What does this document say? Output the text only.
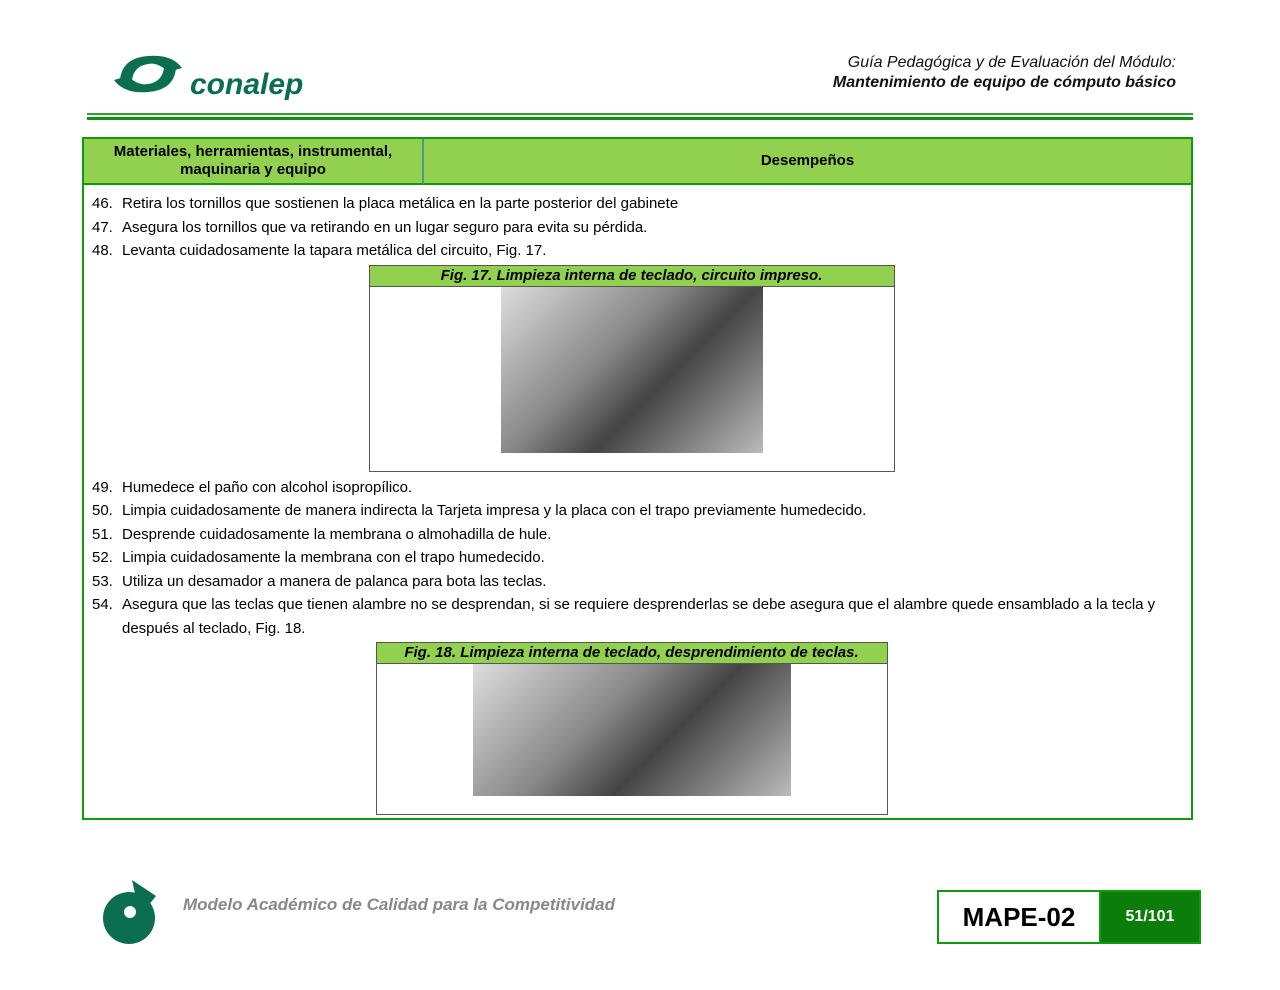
conalep
Guía Pedagógica y de Evaluación del Módulo:
Mantenimiento de equipo de cómputo básico
Materiales, herramientas, instrumental, maquinaria y equipo
Desempeños
46. Retira los tornillos que sostienen la placa metálica en la parte posterior del gabinete
47. Asegura los tornillos que va retirando en un lugar seguro para evita su pérdida.
48. Levanta cuidadosamente la tapara metálica del circuito, Fig. 17.
Fig. 17. Limpieza interna de teclado, circuito impreso.
49. Humedece el paño con alcohol isopropílico.
50. Limpia cuidadosamente de manera indirecta la Tarjeta impresa y la placa con el trapo previamente humedecido.
51. Desprende cuidadosamente la membrana o almohadilla de hule.
52. Limpia cuidadosamente la membrana con el trapo humedecido.
53. Utiliza un desamador a manera de palanca para bota las teclas.
54. Asegura que las teclas que tienen alambre no se desprendan, si se requiere desprenderlas se debe asegura que el alambre quede ensamblado a la tecla y después al teclado, Fig. 18.
Fig. 18. Limpieza interna de teclado, desprendimiento de teclas.
Modelo Académico de Calidad para la Competitividad	MAPE-02	51/101
